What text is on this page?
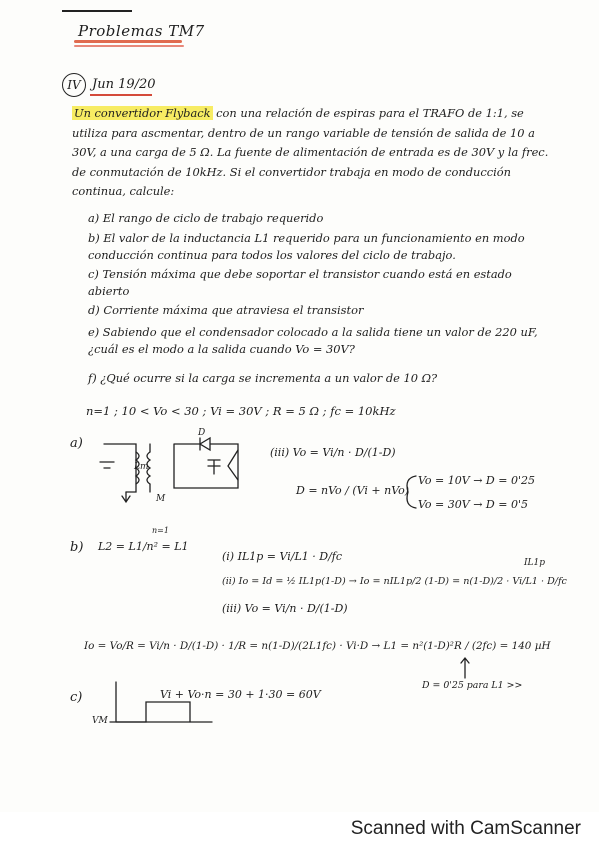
Problemas TM7
IV Jun 19/20
Un convertidor Flyback con una relación de espiras para el TRAFO de 1:1, se utiliza para ascmentar, dentro de un rango variable de tensión de salida de 10 a 30V, a una carga de 5 Ω. La fuente de alimentación de entrada es de 30V y la frec. de conmutación de 10kHz. Si el convertidor trabaja en modo de conducción continua, calcule:
a) El rango de ciclo de trabajo requerido
b) El valor de la inductancia L1 requerido para un funcionamiento en modo conducción continua para todos los valores del ciclo de trabajo.
c) Tensión máxima que debe soportar el transistor cuando está en estado abierto
d) Corriente máxima que atraviesa el transistor
e) Sabiendo que el condensador colocado a la salida tiene un valor de 220 uF, ¿cuál es el modo a la salida cuando Vo = 30V?
f) ¿Qué ocurre si la carga se incrementa a un valor de 10 Ω?
n=1 ; 10 < Vo < 30 ; Vi = 30V ; R = 5 Ω ; fc = 10kHz
a)
Lm
D
M
(iii) Vo = Vi/n · D/(1-D)
D = nVo / (Vi + nVo)
Vo = 10V → D = 0'25
Vo = 30V → D = 0'5
b) L2 = L1/n² = L1
n=1
(i) IL1p = Vi/L1 · D/fc	IL1p
(ii) Io = Id = ½ IL1p(1-D) → Io = nIL1p/2 (1-D) = n(1-D)/2 · Vi/L1 · D/fc
(iii) Vo = Vi/n · D/(1-D)
Io = Vo/R = Vi/n · D/(1-D) · 1/R = n(1-D)/(2L1fc) · Vi·D → L1 = n²(1-D)²R / (2fc) = 140 µH
D = 0'25 para L1 >>
c)	Vi + Vo·n = 30 + 1·30 = 60V
VM
Scanned with CamScanner
